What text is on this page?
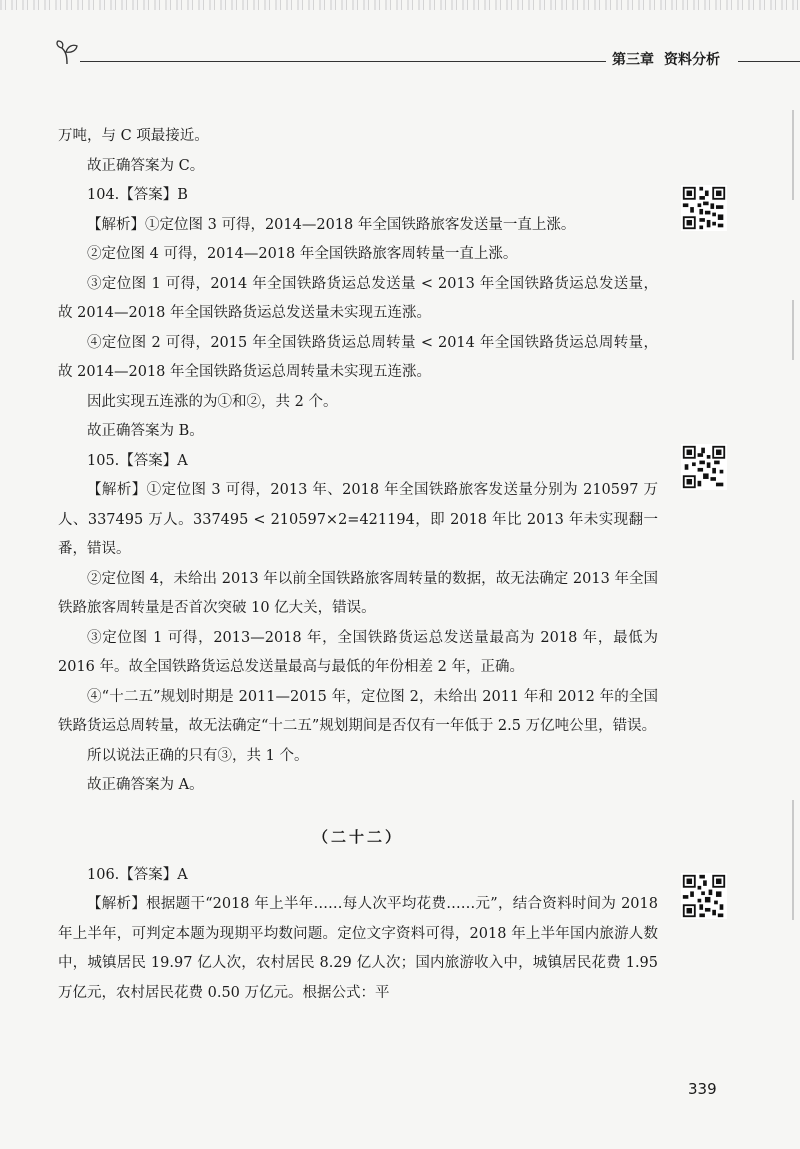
第三章 资料分析

万吨，与 C 项最接近。

故正确答案为 C。

104.【答案】B

【解析】①定位图 3 可得，2014—2018 年全国铁路旅客发送量一直上涨。

②定位图 4 可得，2014—2018 年全国铁路旅客周转量一直上涨。

③定位图 1 可得，2014 年全国铁路货运总发送量 < 2013 年全国铁路货运总发送量，故 2014—2018 年全国铁路货运总发送量未实现五连涨。

④定位图 2 可得，2015 年全国铁路货运总周转量 < 2014 年全国铁路货运总周转量，故 2014—2018 年全国铁路货运总周转量未实现五连涨。

因此实现五连涨的为①和②，共 2 个。

故正确答案为 B。

105.【答案】A

【解析】①定位图 3 可得，2013 年、2018 年全国铁路旅客发送量分别为 210597 万人、337495 万人。337495 < 210597×2=421194，即 2018 年比 2013 年未实现翻一番，错误。

②定位图 4，未给出 2013 年以前全国铁路旅客周转量的数据，故无法确定 2013 年全国铁路旅客周转量是否首次突破 10 亿大关，错误。

③定位图 1 可得，2013—2018 年，全国铁路货运总发送量最高为 2018 年，最低为 2016 年。故全国铁路货运总发送量最高与最低的年份相差 2 年，正确。

④“十二五”规划时期是 2011—2015 年，定位图 2，未给出 2011 年和 2012 年的全国铁路货运总周转量，故无法确定“十二五”规划期间是否仅有一年低于 2.5 万亿吨公里，错误。

所以说法正确的只有③，共 1 个。

故正确答案为 A。

（二十二）

106.【答案】A

【解析】根据题干“2018 年上半年……每人次平均花费……元”，结合资料时间为 2018 年上半年，可判定本题为现期平均数问题。定位文字资料可得，2018 年上半年国内旅游人数中，城镇居民 19.97 亿人次，农村居民 8.29 亿人次；国内旅游收入中，城镇居民花费 1.95 万亿元，农村居民花费 0.50 万亿元。根据公式：平

339
